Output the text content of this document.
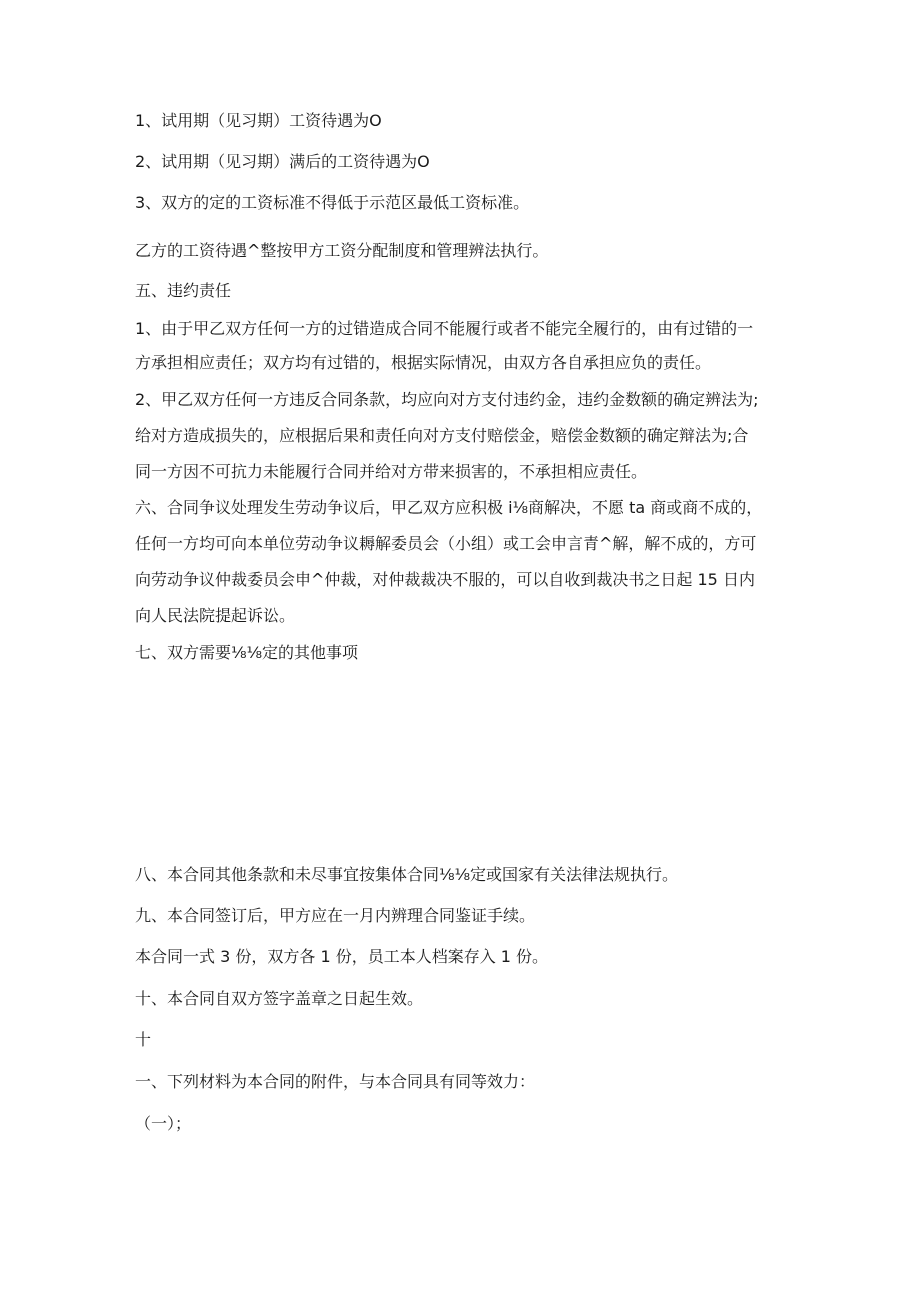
1、试用期（见习期）工资待遇为O
2、试用期（见习期）满后的工资待遇为O
3、双方的定的工资标准不得低于示范区最低工资标准。
乙方的工资待遇^整按甲方工资分配制度和管理辨法执行。
五、违约责任
1、由于甲乙双方任何一方的过错造成合同不能履行或者不能完全履行的，由有过错的一
方承担相应责任；双方均有过错的，根据实际情况，由双方各自承担应负的责任。
2、甲乙双方任何一方违反合同条款，均应向对方支付违约金，违约金数额的确定辨法为;
给对方造成损失的，应根据后果和责任向对方支付赔偿金，赔偿金数额的确定辩法为;合
同一方因不可抗力未能履行合同并给对方带来损害的，不承担相应责任。
六、合同争议处理发生劳动争议后，甲乙双方应积极 i⅛商解决，不愿 ta 商或商不成的，
任何一方均可向本单位劳动争议耨解委员会（小组）或工会申言青^解，解不成的，方可
向劳动争议仲裁委员会申^仲裁，对仲裁裁决不服的，可以自收到裁决书之日起 15 日内
向人民法院提起诉讼。
七、双方需要⅛⅛定的其他事项
八、本合同其他条款和未尽事宜按集体合同⅛⅛定或国家有关法律法规执行。
九、本合同签订后，甲方应在一月内辨理合同鉴证手续。
本合同一式 3 份，双方各 1 份，员工本人档案存入 1 份。
十、本合同自双方签字盖章之日起生效。
十
一、下列材料为本合同的附件，与本合同具有同等效力：
（一）；
